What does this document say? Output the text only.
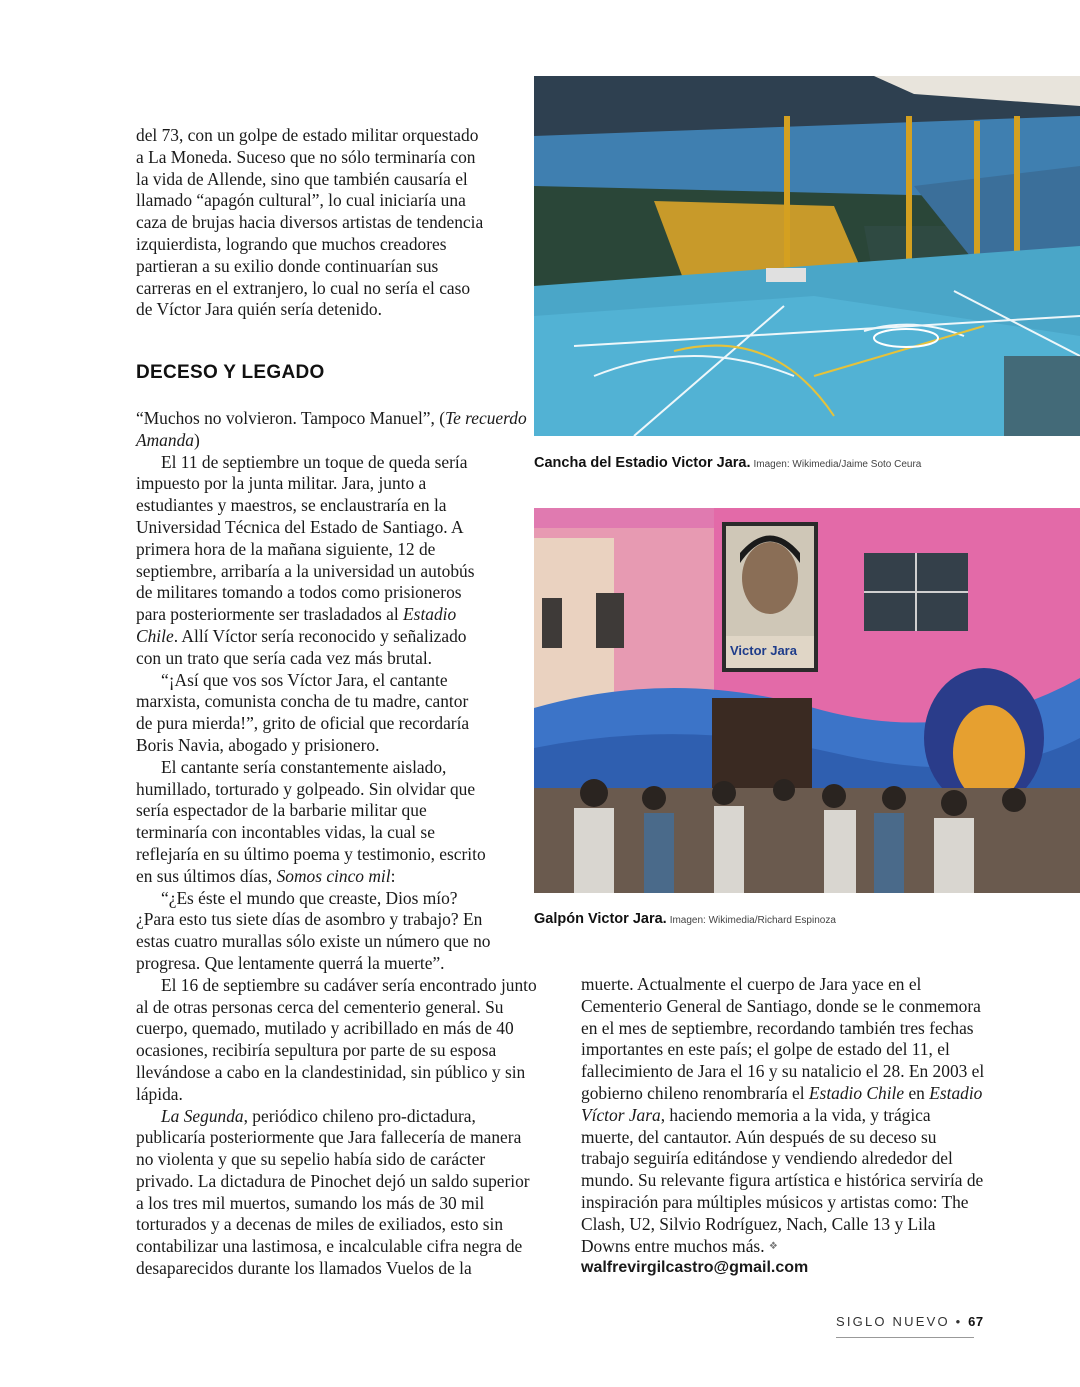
del 73, con un golpe de estado militar orquestado a La Moneda. Suceso que no sólo terminaría con la vida de Allende, sino que también causaría el llamado “apagón cultural”, lo cual iniciaría una caza de brujas hacia diversos artistas de tendencia izquierdista, logrando que muchos creadores partieran a su exilio donde continuarían sus carreras en el extranjero, lo cual no sería el caso de Víctor Jara quién sería detenido.

DECESO Y LEGADO

“Muchos no volvieron. Tampoco Manuel”, (Te recuerdo Amanda)

El 11 de septiembre un toque de queda sería impuesto por la junta militar. Jara, junto a estudiantes y maestros, se enclaustraría en la Universidad Técnica del Estado de Santiago. A primera hora de la mañana siguiente, 12 de septiembre, arribaría a la universidad un autobús de militares tomando a todos como prisioneros para posteriormente ser trasladados al Estadio Chile. Allí Víctor sería reconocido y señalizado con un trato que sería cada vez más brutal.

“¡Así que vos sos Víctor Jara, el cantante marxista, comunista concha de tu madre, cantor de pura mierda!”, grito de oficial que recordaría Boris Navia, abogado y prisionero.

El cantante sería constantemente aislado, humillado, torturado y golpeado. Sin olvidar que sería espectador de la barbarie militar que terminaría con incontables vidas, la cual se reflejaría en su último poema y testimonio, escrito en sus últimos días, Somos cinco mil:

“¿Es éste el mundo que creaste, Dios mío? ¿Para esto tus siete días de asombro y trabajo? En estas cuatro murallas sólo existe un número que no progresa. Que lentamente querrá la muerte”.

El 16 de septiembre su cadáver sería encontrado junto al de otras personas cerca del cementerio general. Su cuerpo, quemado, mutilado y acribillado en más de 40 ocasiones, recibiría sepultura por parte de su esposa llevándose a cabo en la clandestinidad, sin público y sin lápida.

La Segunda, periódico chileno pro-dictadura, publicaría posteriormente que Jara fallecería de manera no violenta y que su sepelio había sido de carácter privado. La dictadura de Pinochet dejó un saldo superior a los tres mil muertos, sumando los más de 30 mil torturados y a decenas de miles de exiliados, esto sin contabilizar una lastimosa, e incalculable cifra negra de desaparecidos durante los llamados Vuelos de la

Cancha del Estadio Victor Jara. Imagen: Wikimedia/Jaime Soto Ceura
Victor Jara
Galpón Victor Jara. Imagen: Wikimedia/Richard Espinoza

muerte. Actualmente el cuerpo de Jara yace en el Cementerio General de Santiago, donde se le conmemora en el mes de septiembre, recordando también tres fechas importantes en este país; el golpe de estado del 11, el fallecimiento de Jara el 16 y su natalicio el 28. En 2003 el gobierno chileno renombraría el Estadio Chile en Estadio Víctor Jara, haciendo memoria a la vida, y trágica muerte, del cantautor. Aún después de su deceso su trabajo seguiría editándose y vendiendo alrededor del mundo. Su relevante figura artística e histórica serviría de inspiración para múltiples músicos y artistas como: The Clash, U2, Silvio Rodríguez, Nach, Calle 13 y Lila Downs entre muchos más. ❖

walfrevirgilcastro@gmail.com

SIGLO NUEVO • 67
